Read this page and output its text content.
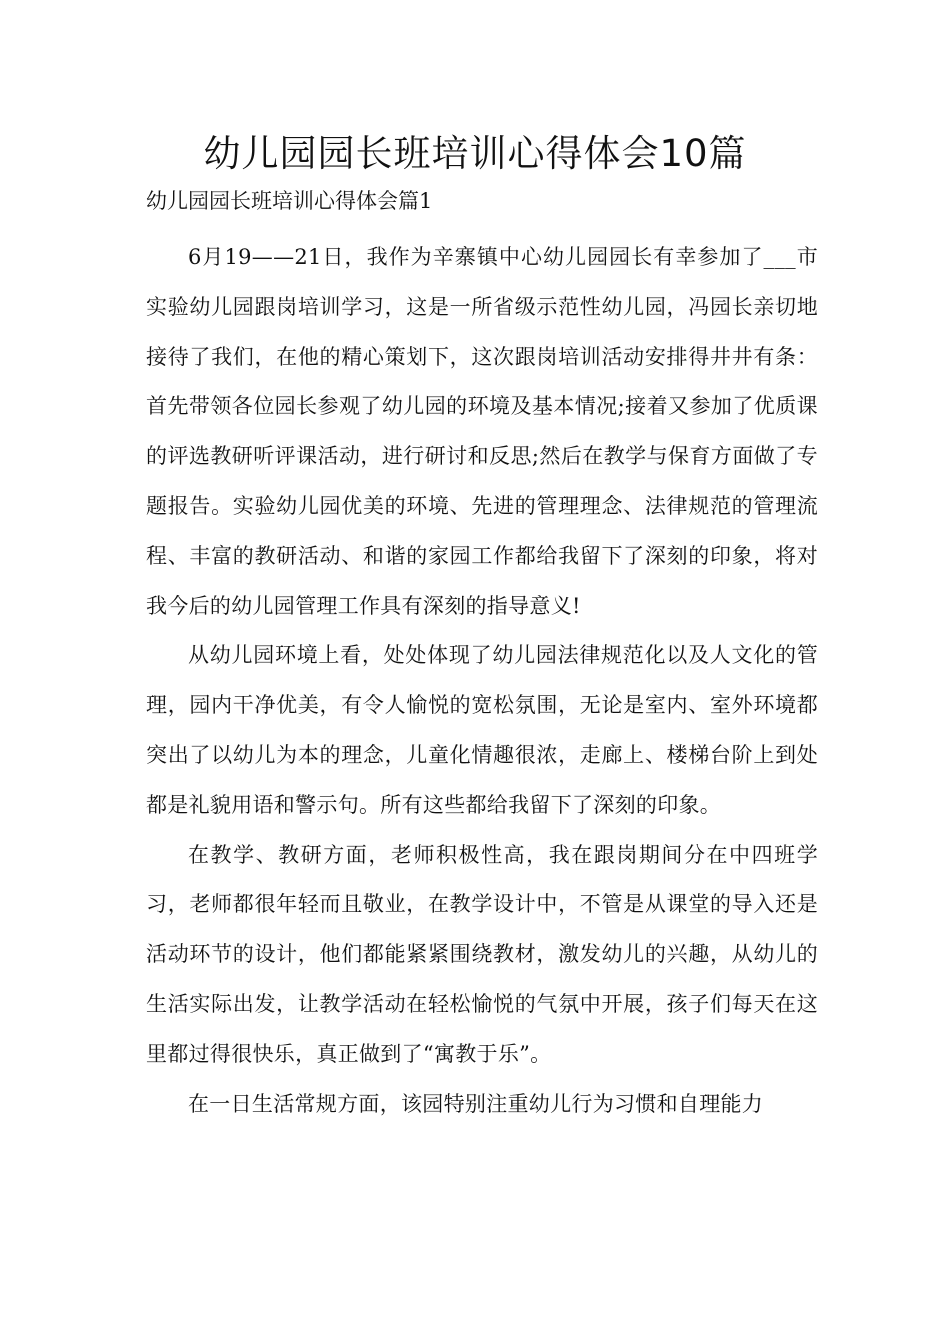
幼儿园园长班培训心得体会10篇
幼儿园园长班培训心得体会篇1

6月19——21日，我作为辛寨镇中心幼儿园园长有幸参加了___市实验幼儿园跟岗培训学习，这是一所省级示范性幼儿园，冯园长亲切地接待了我们，在他的精心策划下，这次跟岗培训活动安排得井井有条：首先带领各位园长参观了幼儿园的环境及基本情况;接着又参加了优质课的评选教研听评课活动，进行研讨和反思;然后在教学与保育方面做了专题报告。实验幼儿园优美的环境、先进的管理理念、法律规范的管理流程、丰富的教研活动、和谐的家园工作都给我留下了深刻的印象，将对我今后的幼儿园管理工作具有深刻的指导意义!

从幼儿园环境上看，处处体现了幼儿园法律规范化以及人文化的管理，园内干净优美，有令人愉悦的宽松氛围，无论是室内、室外环境都突出了以幼儿为本的理念，儿童化情趣很浓，走廊上、楼梯台阶上到处都是礼貌用语和警示句。所有这些都给我留下了深刻的印象。

在教学、教研方面，老师积极性高，我在跟岗期间分在中四班学习，老师都很年轻而且敬业，在教学设计中，不管是从课堂的导入还是活动环节的设计，他们都能紧紧围绕教材，激发幼儿的兴趣，从幼儿的生活实际出发，让教学活动在轻松愉悦的气氛中开展，孩子们每天在这里都过得很快乐，真正做到了“寓教于乐”。

在一日生活常规方面，该园特别注重幼儿行为习惯和自理能力
